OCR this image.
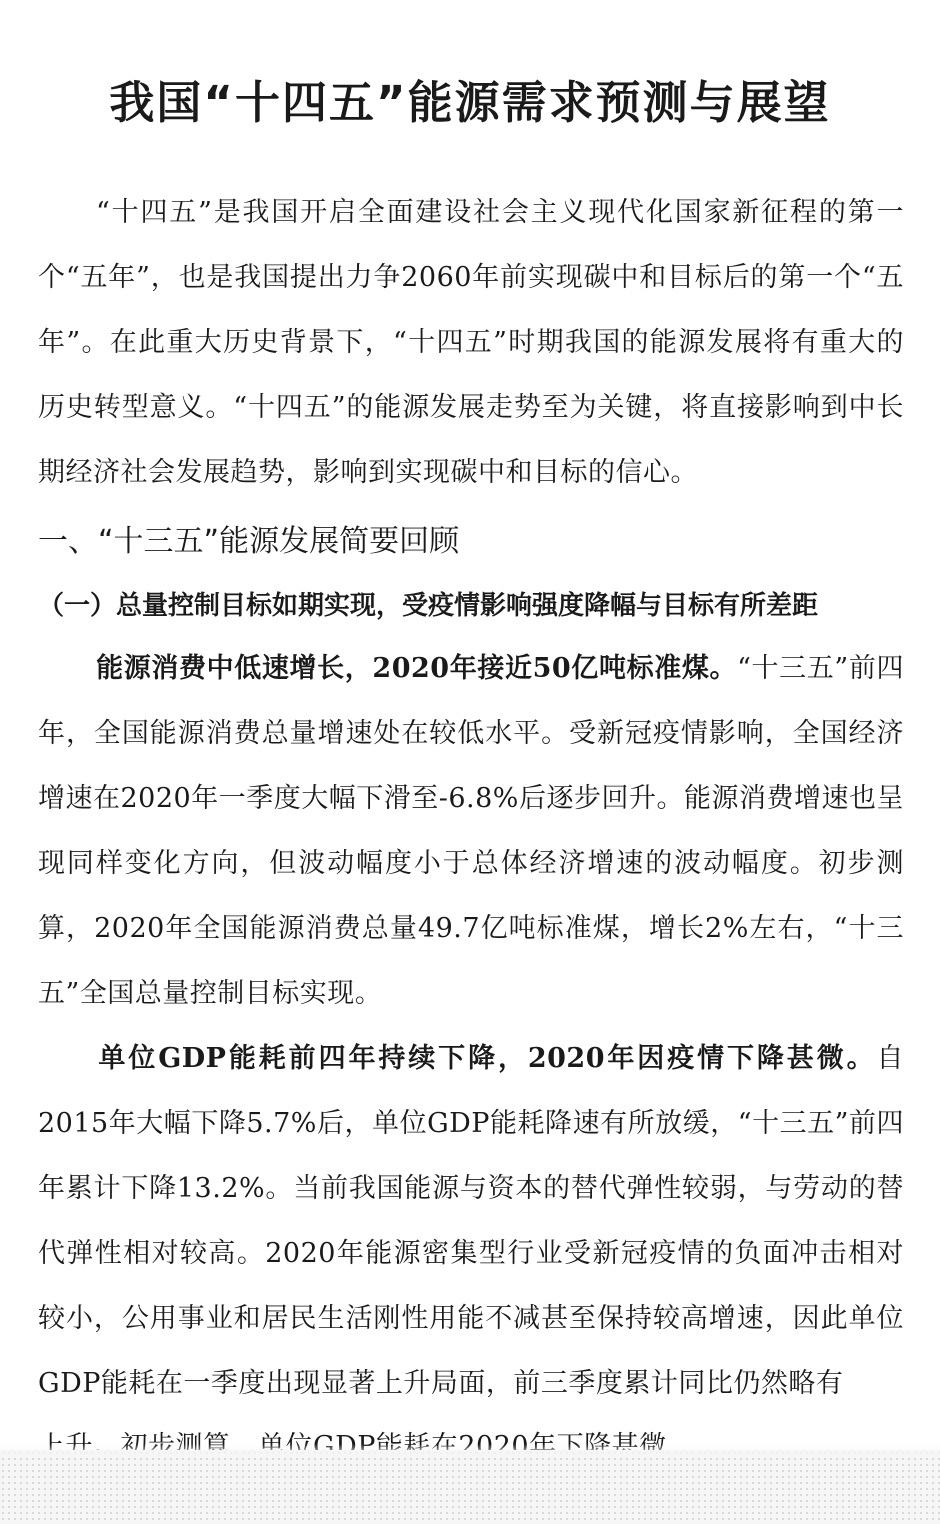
我国“十四五”能源需求预测与展望

“十四五”是我国开启全面建设社会主义现代化国家新征程的第一个“五年”，也是我国提出力争2060年前实现碳中和目标后的第一个“五年”。在此重大历史背景下，“十四五”时期我国的能源发展将有重大的历史转型意义。“十四五”的能源发展走势至为关键，将直接影响到中长期经济社会发展趋势，影响到实现碳中和目标的信心。

一、“十三五”能源发展简要回顾
（一）总量控制目标如期实现，受疫情影响强度降幅与目标有所差距

能源消费中低速增长，2020年接近50亿吨标准煤。“十三五”前四年，全国能源消费总量增速处在较低水平。受新冠疫情影响，全国经济增速在2020年一季度大幅下滑至-6.8%后逐步回升。能源消费增速也呈现同样变化方向，但波动幅度小于总体经济增速的波动幅度。初步测算，2020年全国能源消费总量49.7亿吨标准煤，增长2%左右，“十三五”全国总量控制目标实现。

单位GDP能耗前四年持续下降，2020年因疫情下降甚微。自2015年大幅下降5.7%后，单位GDP能耗降速有所放缓，“十三五”前四年累计下降13.2%。当前我国能源与资本的替代弹性较弱，与劳动的替代弹性相对较高。2020年能源密集型行业受新冠疫情的负面冲击相对较小，公用事业和居民生活刚性用能不减甚至保持较高增速，因此单位GDP能耗在一季度出现显著上升局面，前三季度累计同比仍然略有
